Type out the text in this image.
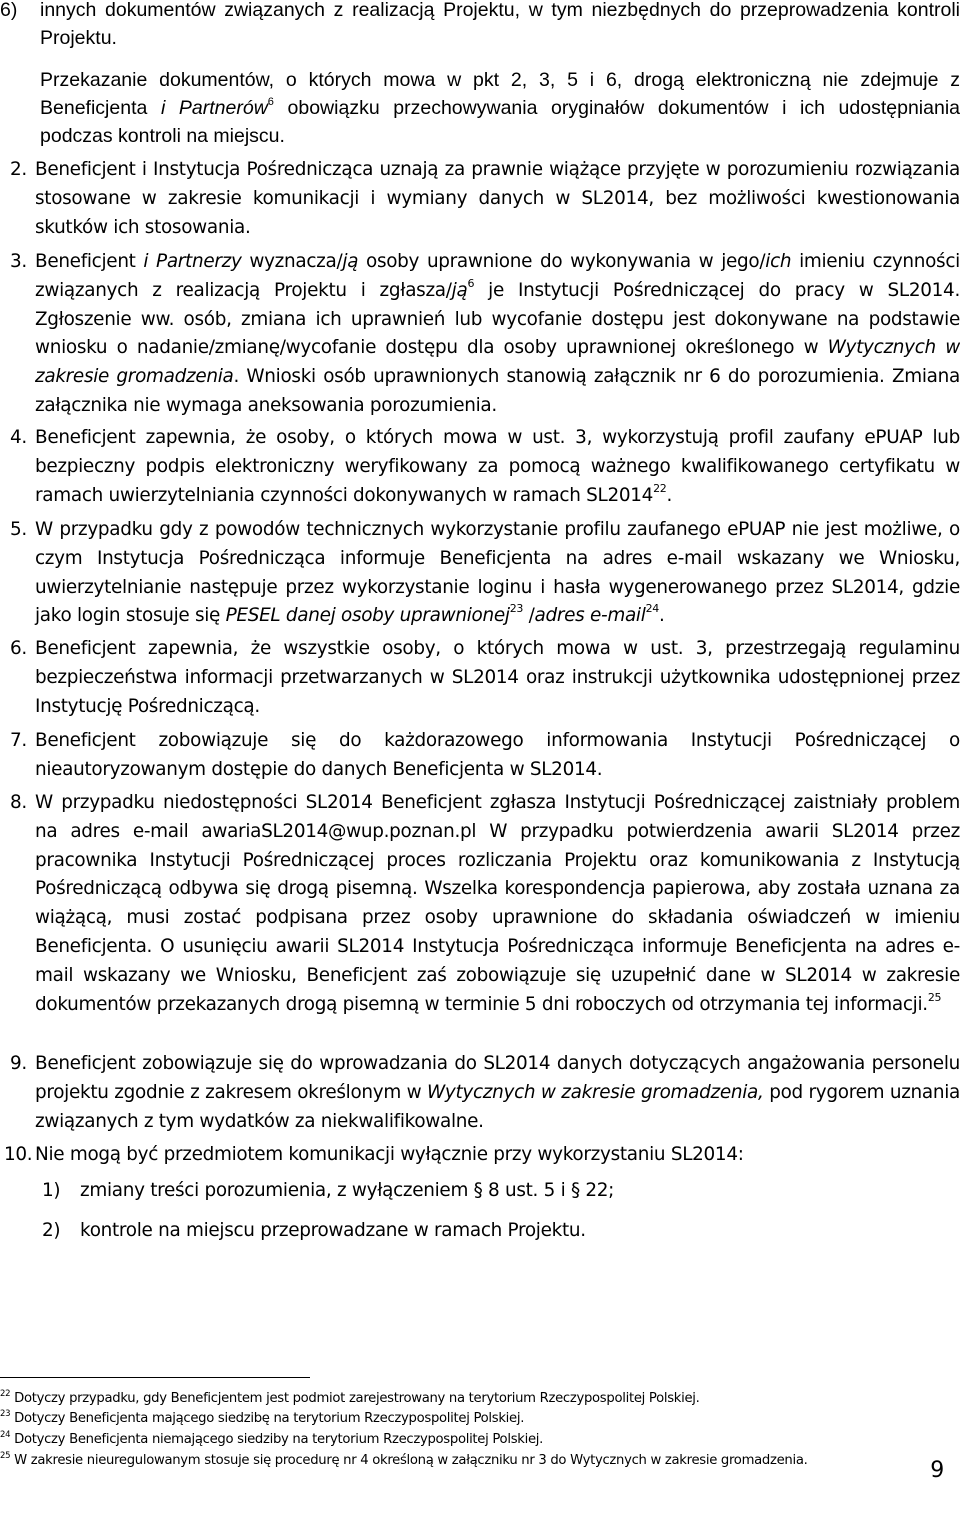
6) innych dokumentów związanych z realizacją Projektu, w tym niezbędnych do przeprowadzenia kontroli Projektu.

Przekazanie dokumentów, o których mowa w pkt 2, 3, 5 i 6, drogą elektroniczną nie zdejmuje z Beneficjenta i Partnerów$^6$ obowiązku przechowywania oryginałów dokumentów i ich udostępniania podczas kontroli na miejscu.

2. Beneficjent i Instytucja Pośrednicząca uznają za prawnie wiążące przyjęte w porozumieniu rozwiązania stosowane w zakresie komunikacji i wymiany danych w SL2014, bez możliwości kwestionowania skutków ich stosowania.

3. Beneficjent i Partnerzy wyznacza/ją osoby uprawnione do wykonywania w jego/ich imieniu czynności związanych z realizacją Projektu i zgłasza/$ją^6$ je Instytucji Pośredniczącej do pracy w SL2014. Zgłoszenie ww. osób, zmiana ich uprawnień lub wycofanie dostępu jest dokonywane na podstawie wniosku o nadanie/zmianę/wycofanie dostępu dla osoby uprawnionej określonego w Wytycznych w zakresie gromadzenia. Wnioski osób uprawnionych stanowią załącznik nr 6 do porozumienia. Zmiana załącznika nie wymaga aneksowania porozumienia.

4. Beneficjent zapewnia, że osoby, o których mowa w ust. 3, wykorzystują profil zaufany ePUAP lub bezpieczny podpis elektroniczny weryfikowany za pomocą ważnego kwalifikowanego certyfikatu w ramach uwierzytelniania czynności dokonywanych w ramach SL2014$^{22}$.

5. W przypadku gdy z powodów technicznych wykorzystanie profilu zaufanego ePUAP nie jest możliwe, o czym Instytucja Pośrednicząca informuje Beneficjenta na adres e-mail wskazany we Wniosku, uwierzytelnianie następuje przez wykorzystanie loginu i hasła wygenerowanego przez SL2014, gdzie jako login stosuje się PESEL danej osoby uprawnionej$^{23}$ /adres e-mail$^{24}$.

6. Beneficjent zapewnia, że wszystkie osoby, o których mowa w ust. 3, przestrzegają regulaminu bezpieczeństwa informacji przetwarzanych w SL2014 oraz instrukcji użytkownika udostępnionej przez Instytucję Pośredniczącą.

7. Beneficjent zobowiązuje się do każdorazowego informowania Instytucji Pośredniczącej o nieautoryzowanym dostępie do danych Beneficjenta w SL2014.

8. W przypadku niedostępności SL2014 Beneficjent zgłasza Instytucji Pośredniczącej zaistniały problem na adres e-mail awariaSL2014@wup.poznan.pl W przypadku potwierdzenia awarii SL2014 przez pracownika Instytucji Pośredniczącej proces rozliczania Projektu oraz komunikowania z Instytucją Pośredniczącą odbywa się drogą pisemną. Wszelka korespondencja papierowa, aby została uznana za wiążącą, musi zostać podpisana przez osoby uprawnione do składania oświadczeń w imieniu Beneficjenta. O usunięciu awarii SL2014 Instytucja Pośrednicząca informuje Beneficjenta na adres e-mail wskazany we Wniosku, Beneficjent zaś zobowiązuje się uzupełnić dane w SL2014 w zakresie dokumentów przekazanych drogą pisemną w terminie 5 dni roboczych od otrzymania tej informacji.$^{25}$

9. Beneficjent zobowiązuje się do wprowadzania do SL2014 danych dotyczących angażowania personelu projektu zgodnie z zakresem określonym w Wytycznych w zakresie gromadzenia, pod rygorem uznania związanych z tym wydatków za niekwalifikowalne.

10. Nie mogą być przedmiotem komunikacji wyłącznie przy wykorzystaniu SL2014:

1) zmiany treści porozumienia, z wyłączeniem § 8 ust. 5 i § 22;
2) kontrole na miejscu przeprowadzane w ramach Projektu.
$^{22}$ Dotyczy przypadku, gdy Beneficjentem jest podmiot zarejestrowany na terytorium Rzeczypospolitej Polskiej.
$^{23}$ Dotyczy Beneficjenta mającego siedzibę na terytorium Rzeczypospolitej Polskiej.
$^{24}$ Dotyczy Beneficjenta niemającego siedziby na terytorium Rzeczypospolitej Polskiej.
$^{25}$ W zakresie nieuregulowanym stosuje się procedurę nr 4 określoną w załączniku nr 3 do Wytycznych w zakresie gromadzenia.	9
